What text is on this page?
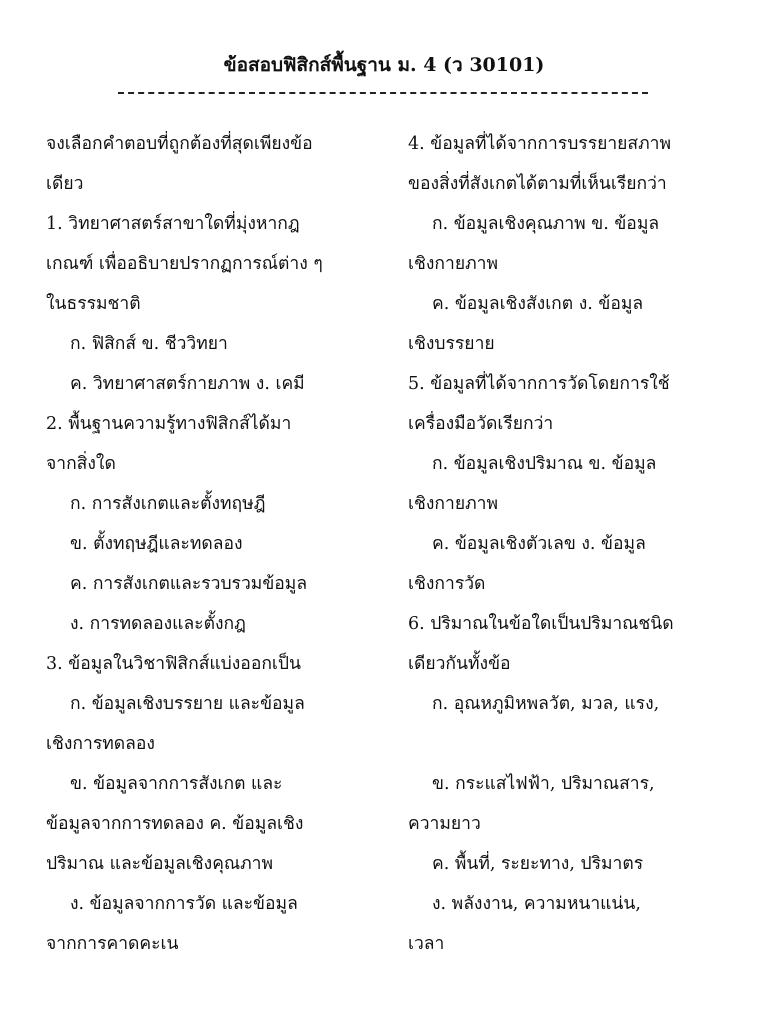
ข้อสอบฟิสิกส์พื้นฐาน ม. 4 (ว 30101)
จงเลือกคำตอบที่ถูกต้องที่สุดเพียงข้อ
เดียว
1. วิทยาศาสตร์สาขาใดที่มุ่งหากฎ
เกณฑ์ เพื่ออธิบายปรากฏการณ์ต่าง ๆ
ในธรรมชาติ
ก. ฟิสิกส์ ข. ชีววิทยา
ค. วิทยาศาสตร์กายภาพ ง. เคมี
2. พื้นฐานความรู้ทางฟิสิกส์ได้มา
จากสิ่งใด
ก. การสังเกตและตั้งทฤษฎี
ข. ตั้งทฤษฎีและทดลอง
ค. การสังเกตและรวบรวมข้อมูล
ง. การทดลองและตั้งกฎ
3. ข้อมูลในวิชาฟิสิกส์แบ่งออกเป็น
ก. ข้อมูลเชิงบรรยาย และข้อมูล
เชิงการทดลอง
ข. ข้อมูลจากการสังเกต และ
ข้อมูลจากการทดลอง ค. ข้อมูลเชิง
ปริมาณ และข้อมูลเชิงคุณภาพ
ง. ข้อมูลจากการวัด และข้อมูล
จากการคาดคะเน
4. ข้อมูลที่ได้จากการบรรยายสภาพ
ของสิ่งที่สังเกตได้ตามที่เห็นเรียกว่า
ก. ข้อมูลเชิงคุณภาพ ข. ข้อมูล
เชิงกายภาพ
ค. ข้อมูลเชิงสังเกต ง. ข้อมูล
เชิงบรรยาย
5. ข้อมูลที่ได้จากการวัดโดยการใช้
เครื่องมือวัดเรียกว่า
ก. ข้อมูลเชิงปริมาณ ข. ข้อมูล
เชิงกายภาพ
ค. ข้อมูลเชิงตัวเลข ง. ข้อมูล
เชิงการวัด
6. ปริมาณในข้อใดเป็นปริมาณชนิด
เดียวกันทั้งข้อ
ก. อุณหภูมิหพลวัต, มวล, แรง,
ข. กระแสไฟฟ้า, ปริมาณสาร,
ความยาว
ค. พื้นที่, ระยะทาง, ปริมาตร
ง. พลังงาน, ความหนาแน่น,
เวลา
